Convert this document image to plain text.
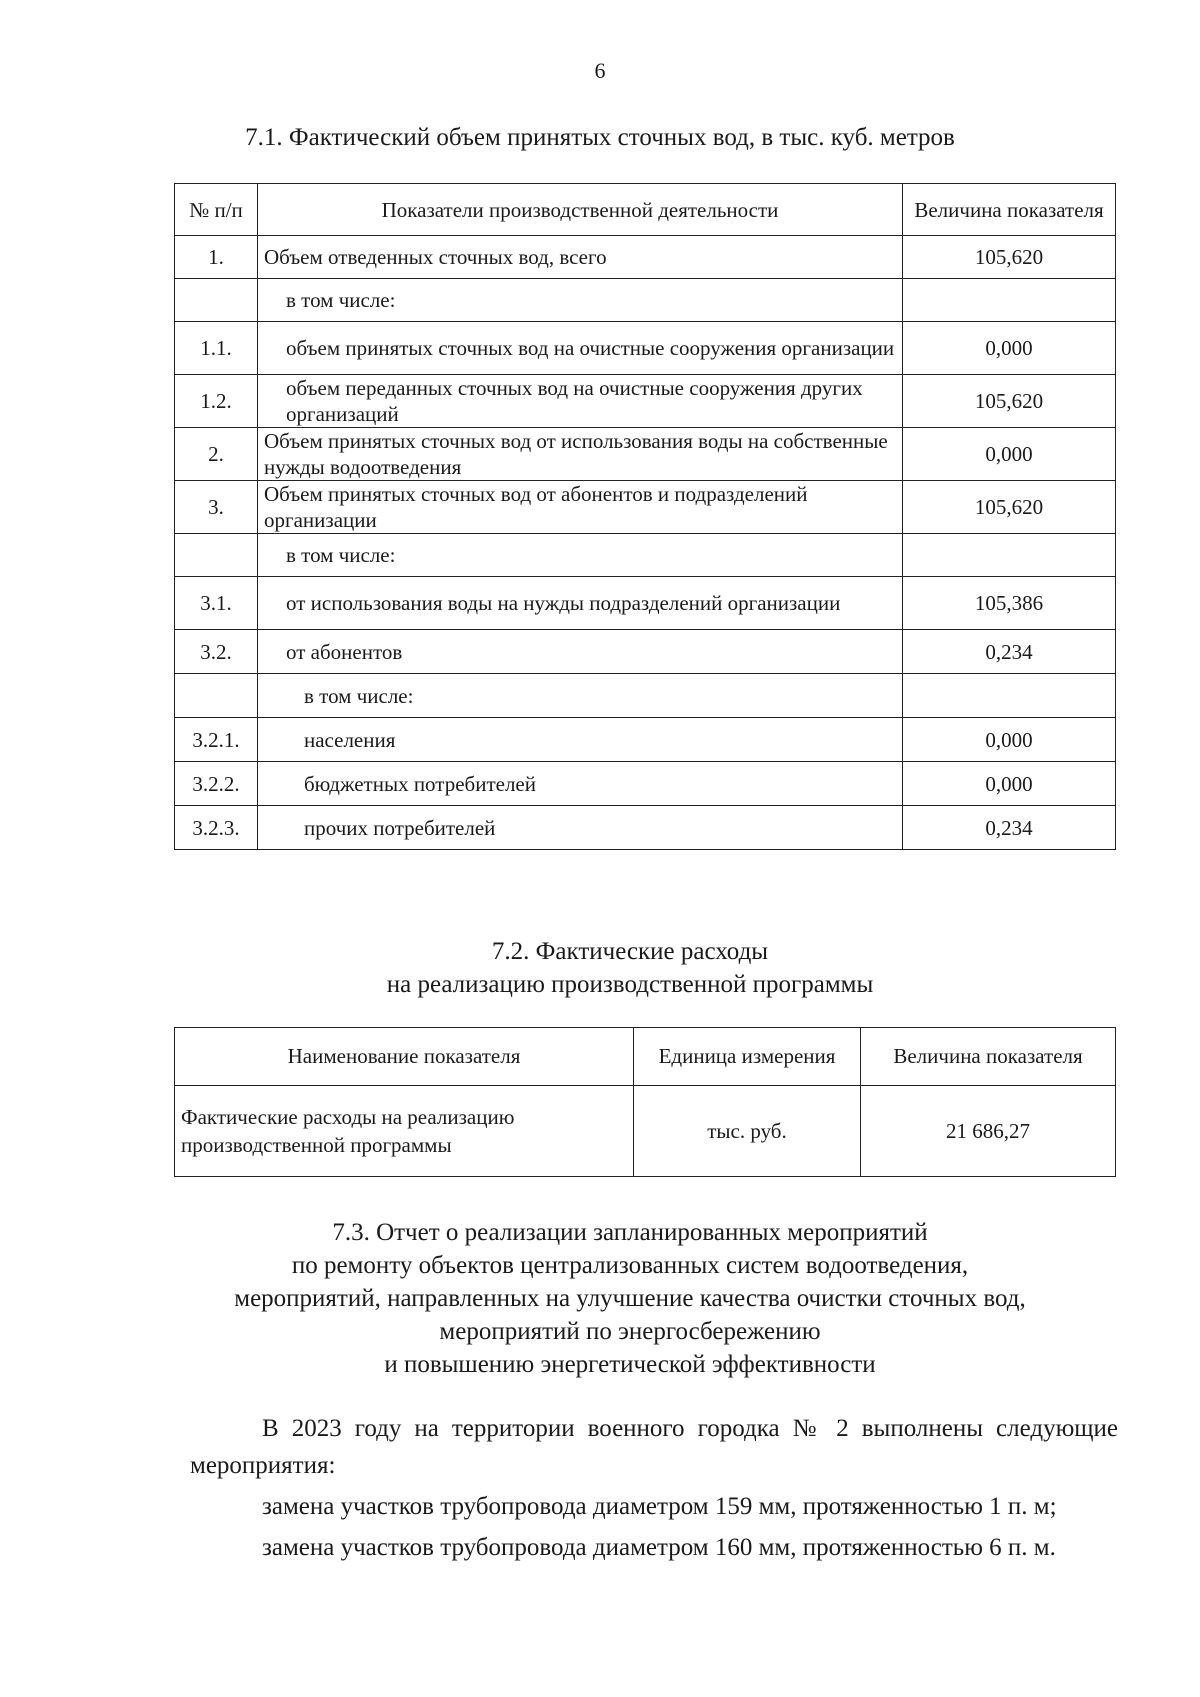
6
7.1. Фактический объем принятых сточных вод, в тыс. куб. метров
№ п/п	Показатели производственной деятельности	Величина показателя
1.	Объем отведенных сточных вод, всего	105,620
	в том числе:	
1.1.	объем принятых сточных вод на очистные сооружения организации	0,000
1.2.	объем переданных сточных вод на очистные сооружения других организаций	105,620
2.	Объем принятых сточных вод от использования воды на собственные нужды водоотведения	0,000
3.	Объем принятых сточных вод от абонентов и подразделений организации	105,620
	в том числе:	
3.1.	от использования воды на нужды подразделений организации	105,386
3.2.	от абонентов	0,234
	в том числе:	
3.2.1.	населения	0,000
3.2.2.	бюджетных потребителей	0,000
3.2.3.	прочих потребителей	0,234
7.2. Фактические расходы
на реализацию производственной программы
Наименование показателя	Единица измерения	Величина показателя
Фактические расходы на реализацию производственной программы	тыс. руб.	21 686,27
7.3. Отчет о реализации запланированных мероприятий
по ремонту объектов централизованных систем водоотведения,
мероприятий, направленных на улучшение качества очистки сточных вод,
мероприятий по энергосбережению
и повышению энергетической эффективности

В 2023 году на территории военного городка № 2 выполнены следующие мероприятия:

замена участков трубопровода диаметром 159 мм, протяженностью 1 п. м;

замена участков трубопровода диаметром 160 мм, протяженностью 6 п. м.
